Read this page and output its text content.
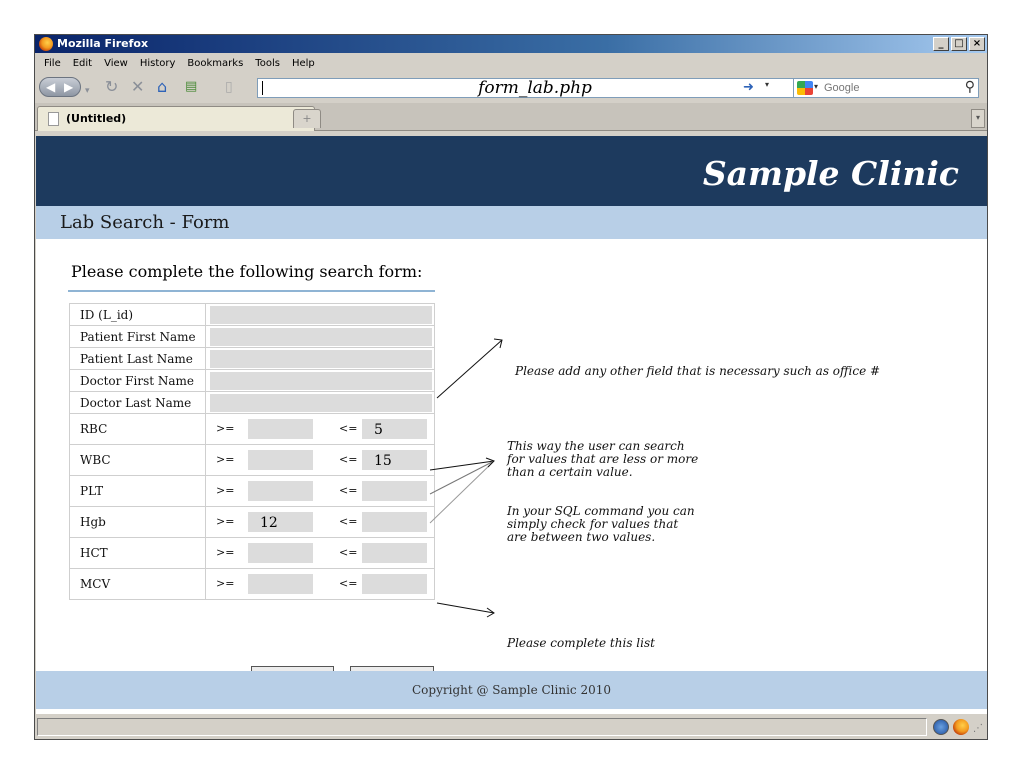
Mozilla Firefox	_	□ ×
File	Edit	View	History	Bookmarks	Tools	Help
◀ ▶ ▾ ↻ ✕ ⌂ ▤ ▯	form_lab.php	➜ ▾	▾ Google	⚲
(Untitled)	+	▾
Sample Clinic
Lab Search - Form
Please complete the following search form:
ID (L_id)	

Patient First Name	

Patient Last Name	

Doctor First Name	

Doctor Last Name	

RBC	>= <= 5

WBC	>= <= 15

PLT	>= <=

Hgb	>= 12 <=

HCT	>= <=

MCV	>= <=
Please add any other field that is necessary such as office #
This way the user can search
for values that are less or more
than a certain value.
In your SQL command you can
simply check for values that
are between two values.
Please complete this list
Copyright @ Sample Clinic 2010
⋰
